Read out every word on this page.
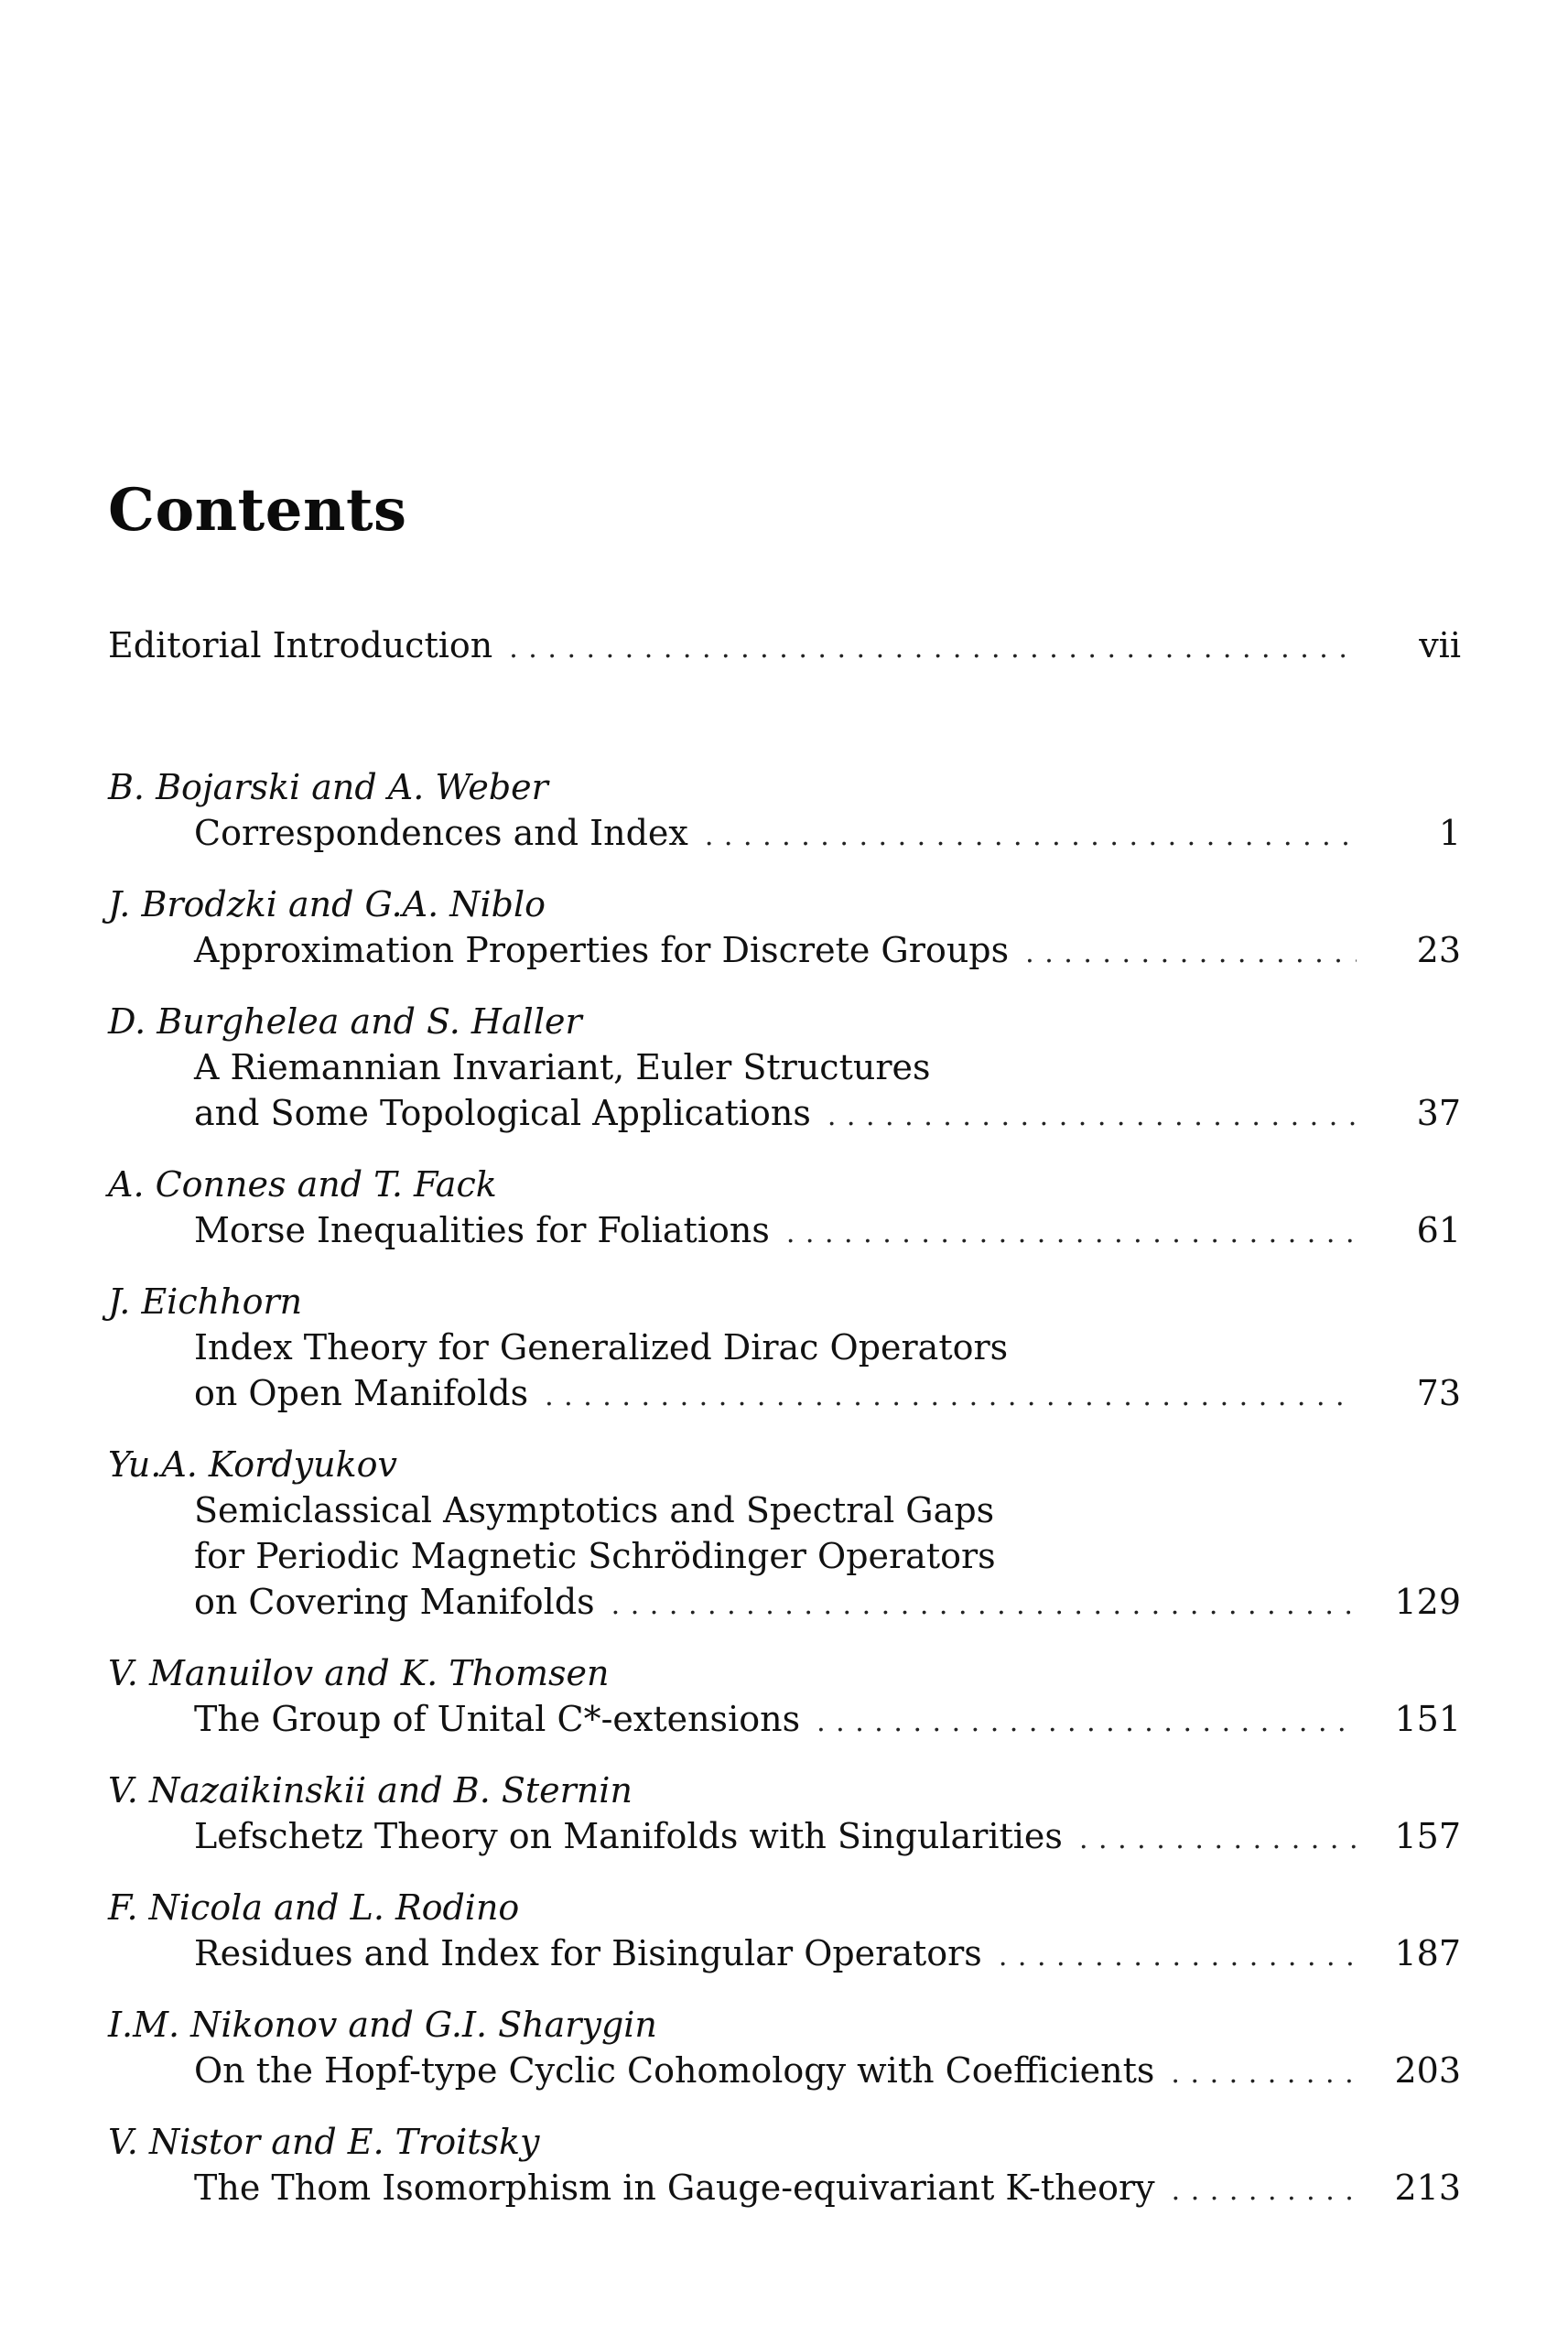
Contents
Editorial Introduction . . .	vii
B. Bojarski and A. Weber
Correspondences and Index . . .	1
J. Brodzki and G.A. Niblo
Approximation Properties for Discrete Groups . . .	23
D. Burghelea and S. Haller
A Riemannian Invariant, Euler Structures
and Some Topological Applications . . .	37
A. Connes and T. Fack
Morse Inequalities for Foliations . . .	61
J. Eichhorn
Index Theory for Generalized Dirac Operators
on Open Manifolds . . .	73
Yu.A. Kordyukov
Semiclassical Asymptotics and Spectral Gaps
for Periodic Magnetic Schrödinger Operators
on Covering Manifolds . . .	129
V. Manuilov and K. Thomsen
The Group of Unital C*-extensions . . .	151
V. Nazaikinskii and B. Sternin
Lefschetz Theory on Manifolds with Singularities . . .	157
F. Nicola and L. Rodino
Residues and Index for Bisingular Operators . . .	187
I.M. Nikonov and G.I. Sharygin
On the Hopf-type Cyclic Cohomology with Coefficients . . .	203
V. Nistor and E. Troitsky
The Thom Isomorphism in Gauge-equivariant K-theory . . .	213
